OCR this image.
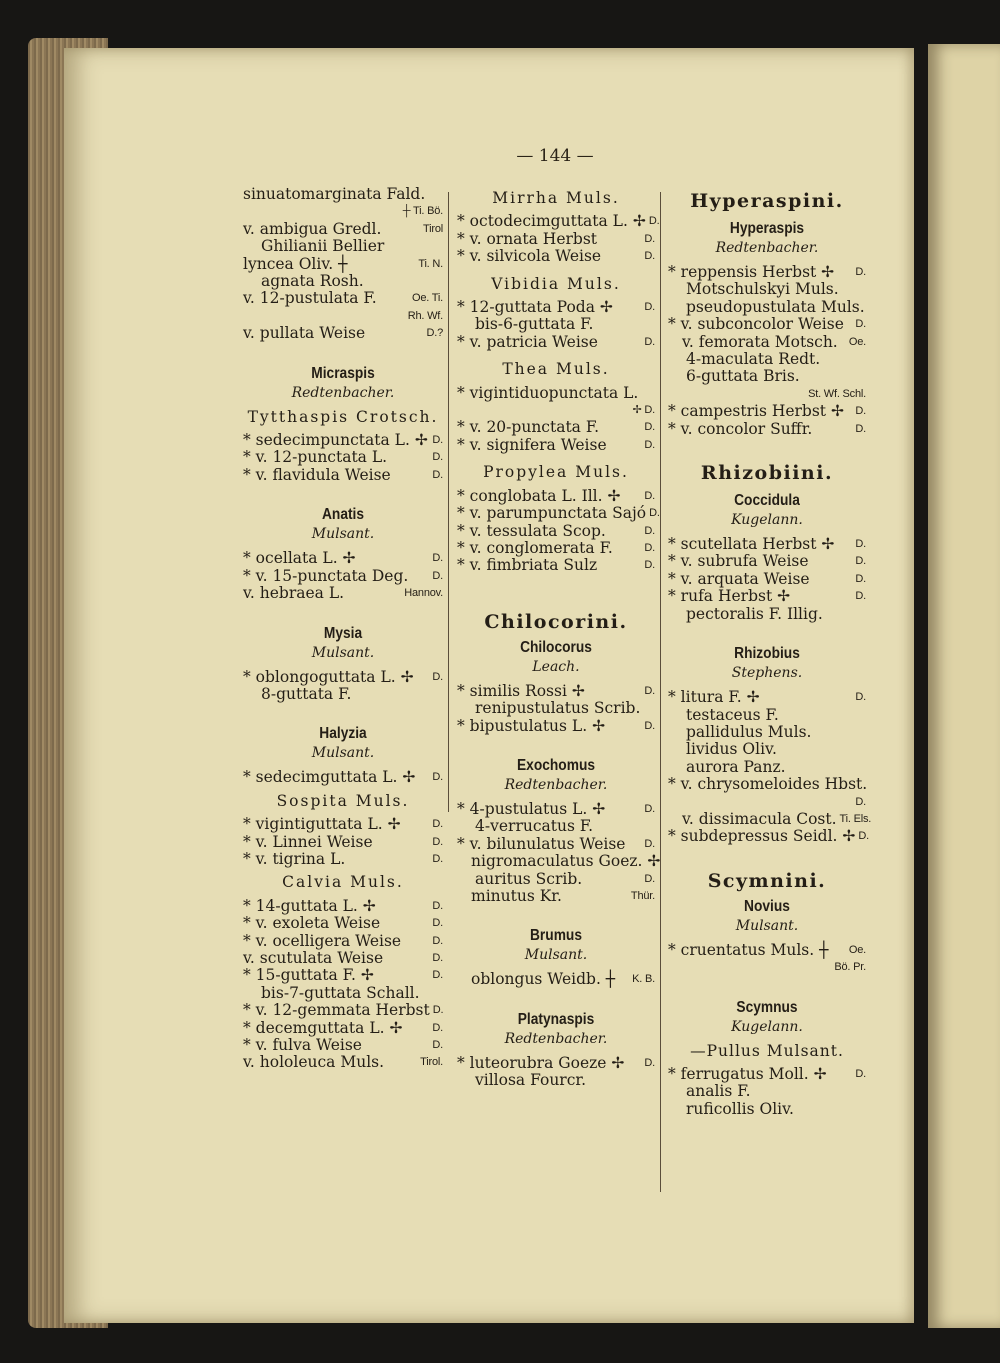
— 144 —
sinuatomarginata Fald.
┼ Ti. Bö.
v. ambigua Gredl.	Tirol
Ghilianii Bellier
lyncea Oliv. ┼	Ti. N.
agnata Rosh.
v. 12-pustulata F.	Oe. Ti.
Rh. Wf.
v. pullata Weise	D.?
Micraspis
Redtenbacher.
Tytthaspis Crotsch.
* sedecimpunctata L. ✢ D.
* v. 12-punctata L.	D.
* v. flavidula Weise	D.
Anatis
Mulsant.
* ocellata L. ✢	D.
* v. 15-punctata Deg. D.
v. hebraea L.	Hannov.
Mysia
Mulsant.
* oblongoguttata L. ✢ D.
8-guttata F.
Halyzia
Mulsant.
* sedecimguttata L. ✢ D.
Sospita Muls.
* vigintiguttata L. ✢	D.
* v. Linnei Weise	D.
* v. tigrina L.	D.
Calvia Muls.
* 14-guttata L. ✢	D.
* v. exoleta Weise	D.
* v. ocelligera Weise	D.
v. scutulata Weise	D.
* 15-guttata F. ✢	D.
bis-7-guttata Schall.
* v. 12-gemmata Herbst D.
* decemguttata L. ✢	D.
* v. fulva Weise	D.
v. hololeuca Muls.	Tirol.
Mirrha Muls.
* octodecimguttata L. ✢ D.
* v. ornata Herbst	D.
* v. silvicola Weise	D.
Vibidia Muls.
* 12-guttata Poda ✢	D.
bis-6-guttata F.
* v. patricia Weise	D.
Thea Muls.
* vigintiduopunctata L.
✢ D.
* v. 20-punctata F.	D.
* v. signifera Weise	D.
Propylea Muls.
* conglobata L. Ill. ✢ D.
* v. parumpunctata Sajó D.
* v. tessulata Scop.	D.
* v. conglomerata F.	D.
* v. fimbriata Sulz	D.
Chilocorini.
Chilocorus
Leach.
* similis Rossi ✢	D.
renipustulatus Scrib.
* bipustulatus L. ✢	D.
Exochomus
Redtenbacher.
* 4-pustulatus L. ✢	D.
4-verrucatus F.
* v. bilunulatus Weise D.
nigromaculatus Goez. ✢
auritus Scrib.	D.
minutus Kr.	Thür.
Brumus
Mulsant.
oblongus Weidb. ┼ K. B.
Platynaspis
Redtenbacher.
* luteorubra Goeze ✢ D.
villosa Fourcr.
Hyperaspini.
Hyperaspis
Redtenbacher.
* reppensis Herbst ✢ D.
Motschulskyi Muls.
pseudopustulata Muls.
* v. subconcolor Weise D.
v. femorata Motsch. Oe.
4-maculata Redt.
6-guttata Bris.
St. Wf. Schl.
* campestris Herbst ✢ D.
* v. concolor Suffr.	D.
Rhizobiini.
Coccidula
Kugelann.
* scutellata Herbst ✢ D.
* v. subrufa Weise	D.
* v. arquata Weise	D.
* rufa Herbst ✢	D.
pectoralis F. Illig.
Rhizobius
Stephens.
* litura F. ✢	D.
testaceus F.
pallidulus Muls.
lividus Oliv.
aurora Panz.
* v. chrysomeloides Hbst.
D.
v. dissimacula Cost. Ti. Els.
* subdepressus Seidl. ✢ D.
Scymnini.
Novius
Mulsant.
* cruentatus Muls. ┼ Oe.
Bö. Pr.
Scymnus
Kugelann.
—Pullus Mulsant.
* ferrugatus Moll. ✢	D.
analis F.
ruficollis Oliv.
